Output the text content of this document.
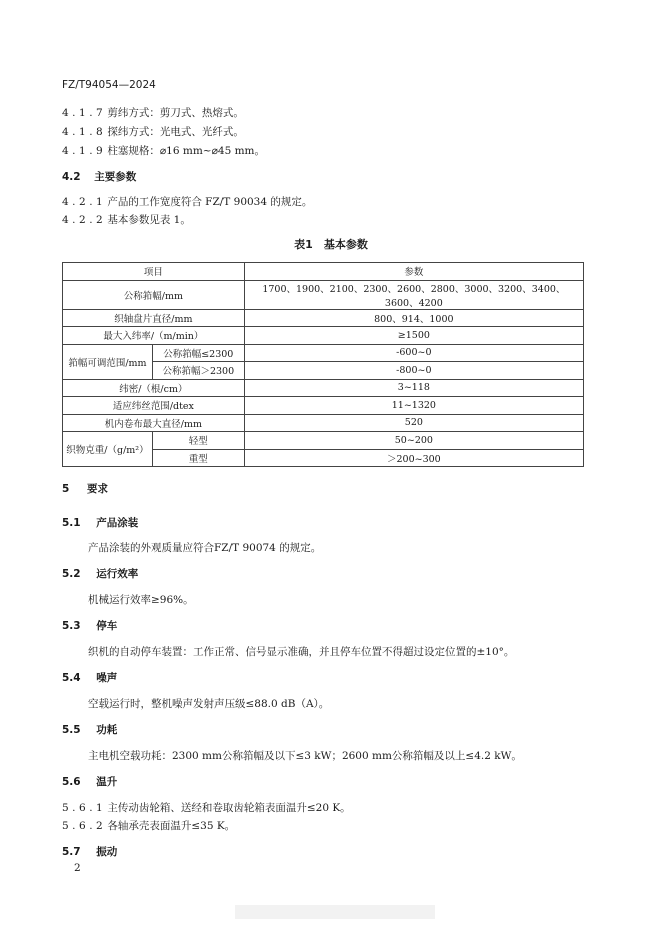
FZ/T94054—2024
4.1.7 剪纬方式：剪刀式、热熔式。
4.1.8 探纬方式：光电式、光纤式。
4.1.9 柱塞规格：⌀16 mm~⌀45 mm。
4.2 主要参数
4.2.1 产品的工作宽度符合 FZ/T 90034 的规定。
4.2.2 基本参数见表 1。
表1　基本参数
项目		参数
公称筘幅/mm		1700、1900、2100、2300、2600、2800、3000、3200、3400、3600、4200
织轴盘片直径/mm		800、914、1000
最大入纬率/（m/min）		≥1500
筘幅可调范围/mm	公称筘幅≤2300	-600~0
	公称筘幅＞2300	-800~0
纬密/（根/cm）		3~118
适应纬丝范围/dtex		11~1320
机内卷布最大直径/mm		520
织物克重/（g/m²）	轻型	50~200
	重型	＞200~300
5 要求
5.1 产品涂装
产品涂装的外观质量应符合FZ/T 90074 的规定。
5.2 运行效率
机械运行效率≥96%。
5.3 停车
织机的自动停车装置：工作正常、信号显示准确，并且停车位置不得超过设定位置的±10°。
5.4 噪声
空载运行时，整机噪声发射声压级≤88.0 dB（A）。
5.5 功耗
主电机空载功耗：2300 mm公称筘幅及以下≤3 kW；2600 mm公称筘幅及以上≤4.2 kW。
5.6 温升
5.6.1 主传动齿轮箱、送经和卷取齿轮箱表面温升≤20 K。
5.6.2 各轴承壳表面温升≤35 K。
5.7 振动
2
